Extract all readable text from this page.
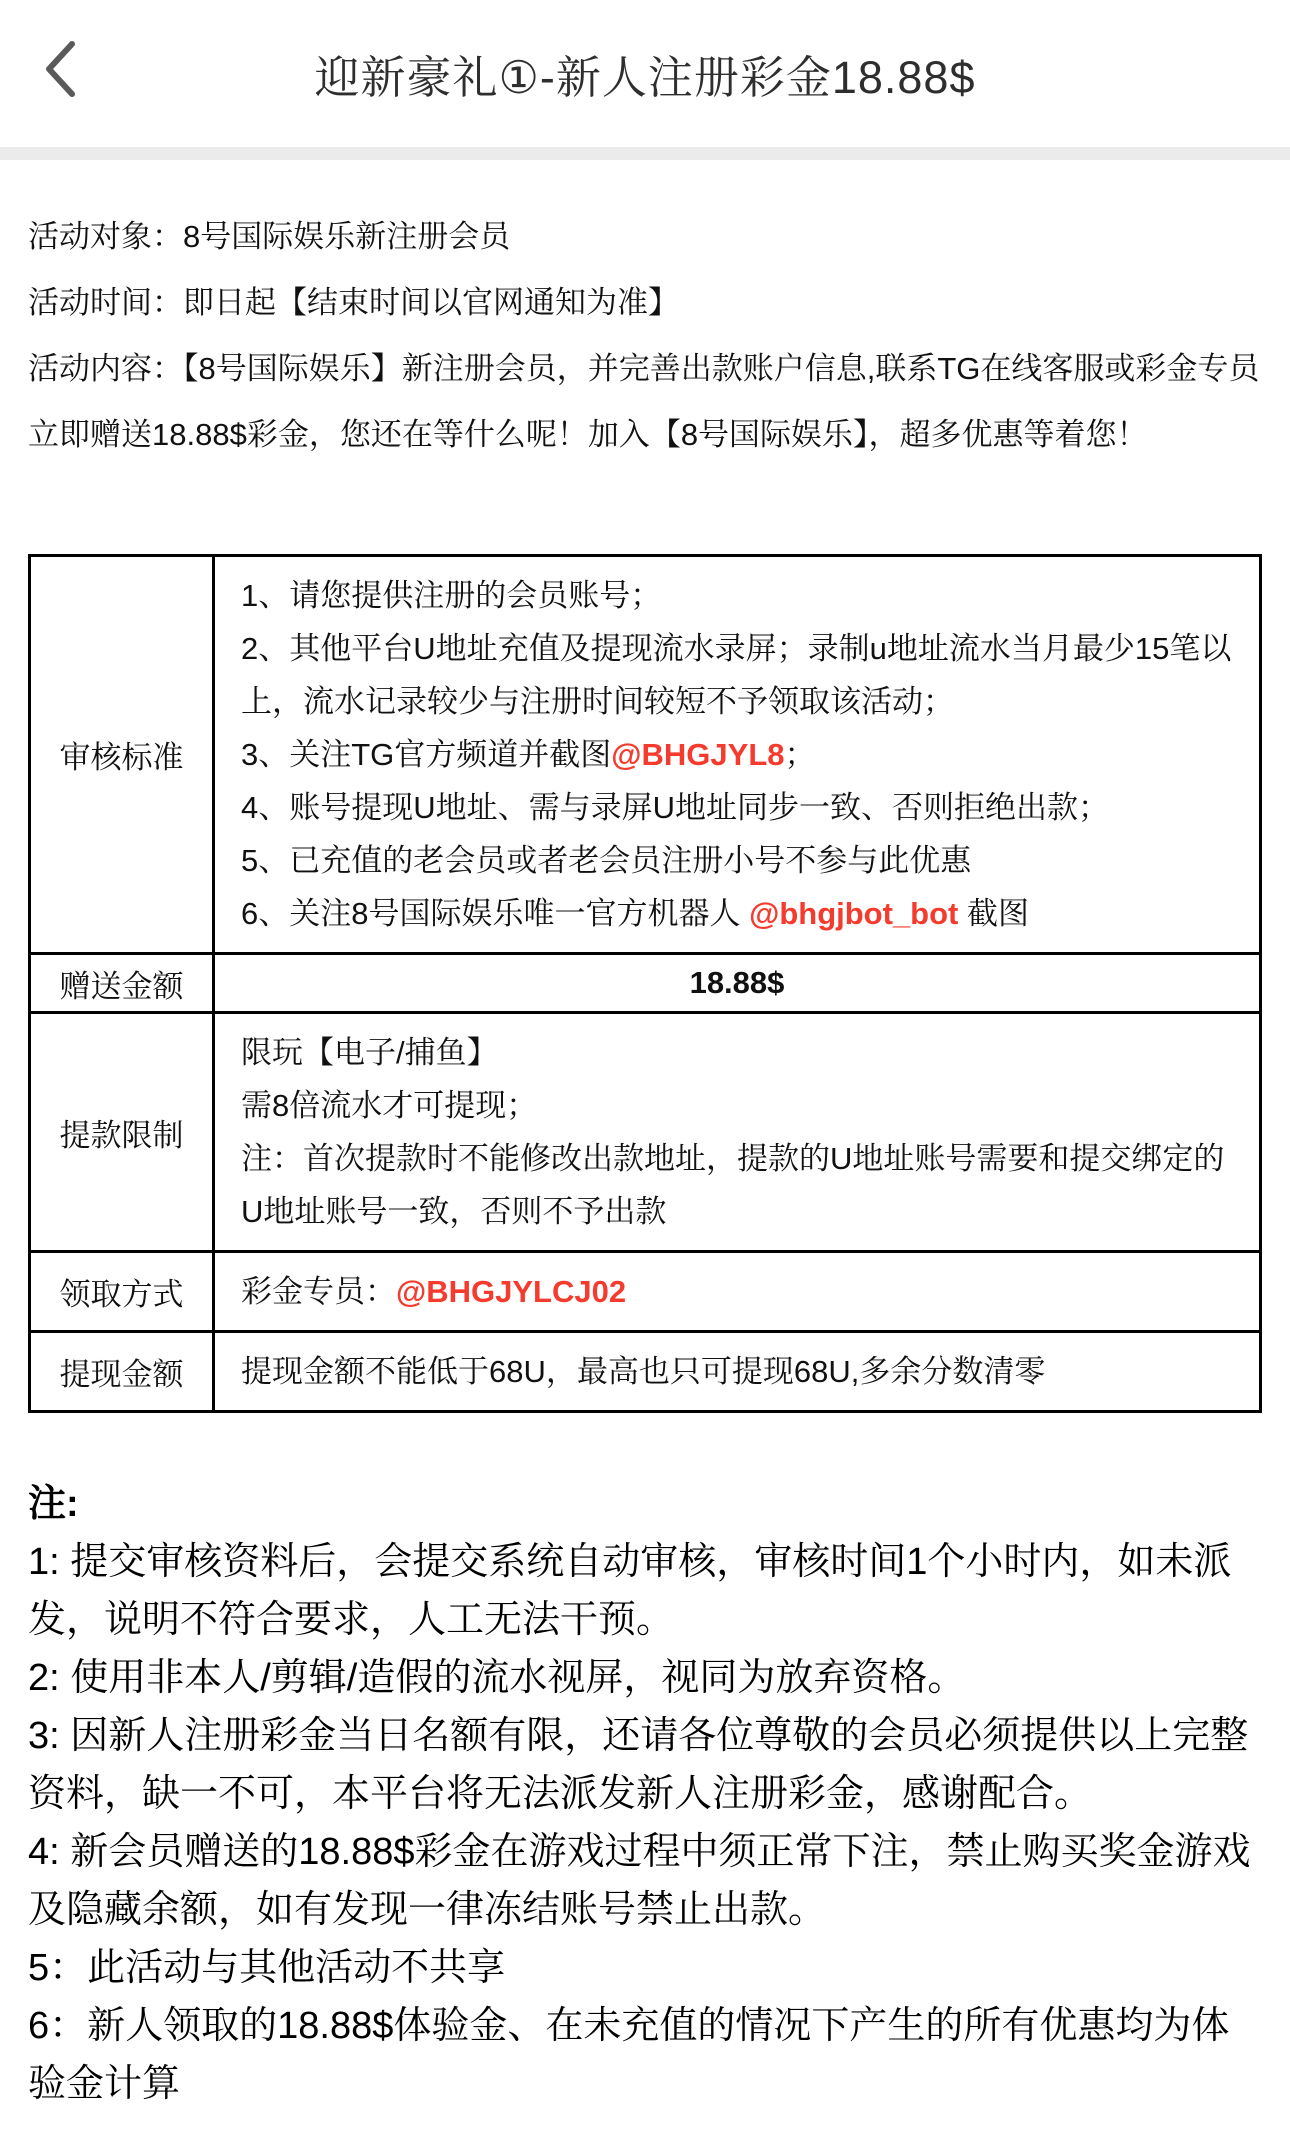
迎新豪礼①-新人注册彩金18.88$

活动对象：8号国际娱乐新注册会员

活动时间：即日起【结束时间以官网通知为准】

活动内容：【8号国际娱乐】新注册会员，并完善出款账户信息,联系TG在线客服或彩金专员立即赠送18.88$彩金，您还在等什么呢！加入【8号国际娱乐】，超多优惠等着您！

审核标准	
1、请您提供注册的会员账号；
2、其他平台U地址充值及提现流水录屏；录制u地址流水当月最少15笔以上，流水记录较少与注册时间较短不予领取该活动；
3、关注TG官方频道并截图@BHGJYL8；
4、账号提现U地址、需与录屏U地址同步一致、否则拒绝出款；
5、已充值的老会员或者老会员注册小号不参与此优惠
6、关注8号国际娱乐唯一官方机器人 @bhgjbot_bot 截图

赠送金额	18.88$
提款限制	限玩【电子/捕鱼】
需8倍流水才可提现；
注：首次提款时不能修改出款地址，提款的U地址账号需要和提交绑定的U地址账号一致，否则不予出款

领取方式	彩金专员：@BHGJYLCJ02
提现金额	提现金额不能低于68U，最高也只可提现68U,多余分数清零

注:

1: 提交审核资料后，会提交系统自动审核，审核时间1个小时内，如未派发，说明不符合要求，人工无法干预。

2: 使用非本人/剪辑/造假的流水视屏，视同为放弃资格。

3: 因新人注册彩金当日名额有限，还请各位尊敬的会员必须提供以上完整资料，缺一不可，本平台将无法派发新人注册彩金，感谢配合。

4: 新会员赠送的18.88$彩金在游戏过程中须正常下注，禁止购买奖金游戏及隐藏余额，如有发现一律冻结账号禁止出款。

5：此活动与其他活动不共享

6：新人领取的18.88$体验金、在未充值的情况下产生的所有优惠均为体验金计算
